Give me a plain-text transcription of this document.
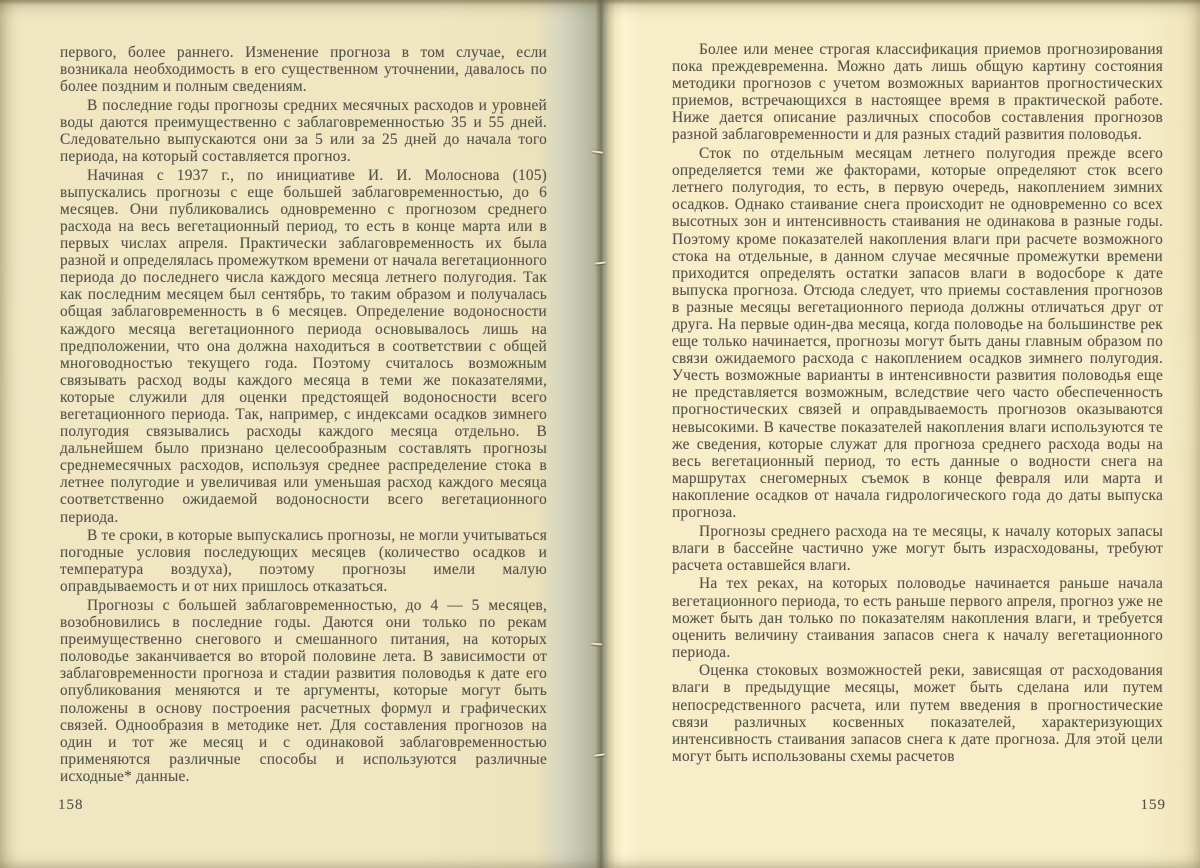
первого, более раннего. Изменение прогноза в том случае, если возникала необходимость в его существенном уточнении, давалось по более поздним и полным сведениям.

В последние годы прогнозы средних месячных расходов и уровней воды даются преимущественно с заблаговременностью 35 и 55 дней. Следовательно выпускаются они за 5 или за 25 дней до начала того периода, на который составляется прогноз.

Начиная с 1937 г., по инициативе И. И. Молоснова (105) выпускались прогнозы с еще большей заблаговременностью, до 6 месяцев. Они публиковались одновременно с прогнозом среднего расхода на весь вегетационный период, то есть в конце марта или в первых числах апреля. Практически заблаговременность их была разной и определялась промежутком времени от начала вегетационного периода до последнего числа каждого месяца летнего полугодия. Так как последним месяцем был сентябрь, то таким образом и получалась общая заблаговременность в 6 месяцев. Определение водоносности каждого месяца вегетационного периода основывалось лишь на предположении, что она должна находиться в соответствии с общей многоводностью текущего года. Поэтому считалось возможным связывать расход воды каждого месяца в теми же показателями, которые служили для оценки предстоящей водоносности всего вегетационного периода. Так, например, с индексами осадков зимнего полугодия связывались расходы каждого месяца отдельно. В дальнейшем было признано целесообразным составлять прогнозы среднемесячных расходов, используя среднее распределение стока в летнее полугодие и увеличивая или уменьшая расход каждого месяца соответственно ожидаемой водоносности всего вегетационного периода.

В те сроки, в которые выпускались прогнозы, не могли учитываться погодные условия последующих месяцев (количество осадков и температура воздуха), поэтому прогнозы имели малую оправдываемость и от них пришлось отказаться.

Прогнозы с большей заблаговременностью, до 4 — 5 месяцев, возобновились в последние годы. Даются они только по рекам преимущественно снегового и смешанного питания, на которых половодье заканчивается во второй половине лета. В зависимости от заблаговременности прогноза и стадии развития половодья к дате его опубликования меняются и те аргументы, которые могут быть положены в основу построения расчетных формул и графических связей. Однообразия в методике нет. Для составления прогнозов на один и тот же месяц и с одинаковой заблаговременностью применяются различные способы и используются различные исходные* данные.

Более или менее строгая классификация приемов прогнозирования пока преждевременна. Можно дать лишь общую картину состояния методики прогнозов с учетом возможных вариантов прогностических приемов, встречающихся в настоящее время в практической работе. Ниже дается описание различных способов составления прогнозов разной заблаговременности и для разных стадий развития половодья.

Сток по отдельным месяцам летнего полугодия прежде всего определяется теми же факторами, которые определяют сток всего летнего полугодия, то есть, в первую очередь, накоплением зимних осадков. Однако стаивание снега происходит не одновременно со всех высотных зон и интенсивность стаивания не одинакова в разные годы. Поэтому кроме показателей накопления влаги при расчете возможного стока на отдельные, в данном случае месячные промежутки времени приходится определять остатки запасов влаги в водосборе к дате выпуска прогноза. Отсюда следует, что приемы составления прогнозов в разные месяцы вегетационного периода должны отличаться друг от друга. На первые один-два месяца, когда половодье на большинстве рек еще только начинается, прогнозы могут быть даны главным образом по связи ожидаемого расхода с накоплением осадков зимнего полугодия. Учесть возможные варианты в интенсивности развития половодья еще не представляется возможным, вследствие чего часто обеспеченность прогностических связей и оправдываемость прогнозов оказываются невысокими. В качестве показателей накопления влаги используются те же сведения, которые служат для прогноза среднего расхода воды на весь вегетационный период, то есть данные о водности снега на маршрутах снегомерных съемок в конце февраля или марта и накопление осадков от начала гидрологического года до даты выпуска прогноза.

Прогнозы среднего расхода на те месяцы, к началу которых запасы влаги в бассейне частично уже могут быть израсходованы, требуют расчета оставшейся влаги.

На тех реках, на которых половодье начинается раньше начала вегетационного периода, то есть раньше первого апреля, прогноз уже не может быть дан только по показателям накопления влаги, и требуется оценить величину стаивания запасов снега к началу вегетационного периода.

Оценка стоковых возможностей реки, зависящая от расходования влаги в предыдущие месяцы, может быть сделана или путем непосредственного расчета, или путем введения в прогностические связи различных косвенных показателей, характеризующих интенсивность стаивания запасов снега к дате прогноза. Для этой цели могут быть использованы схемы расчетов

158	159
